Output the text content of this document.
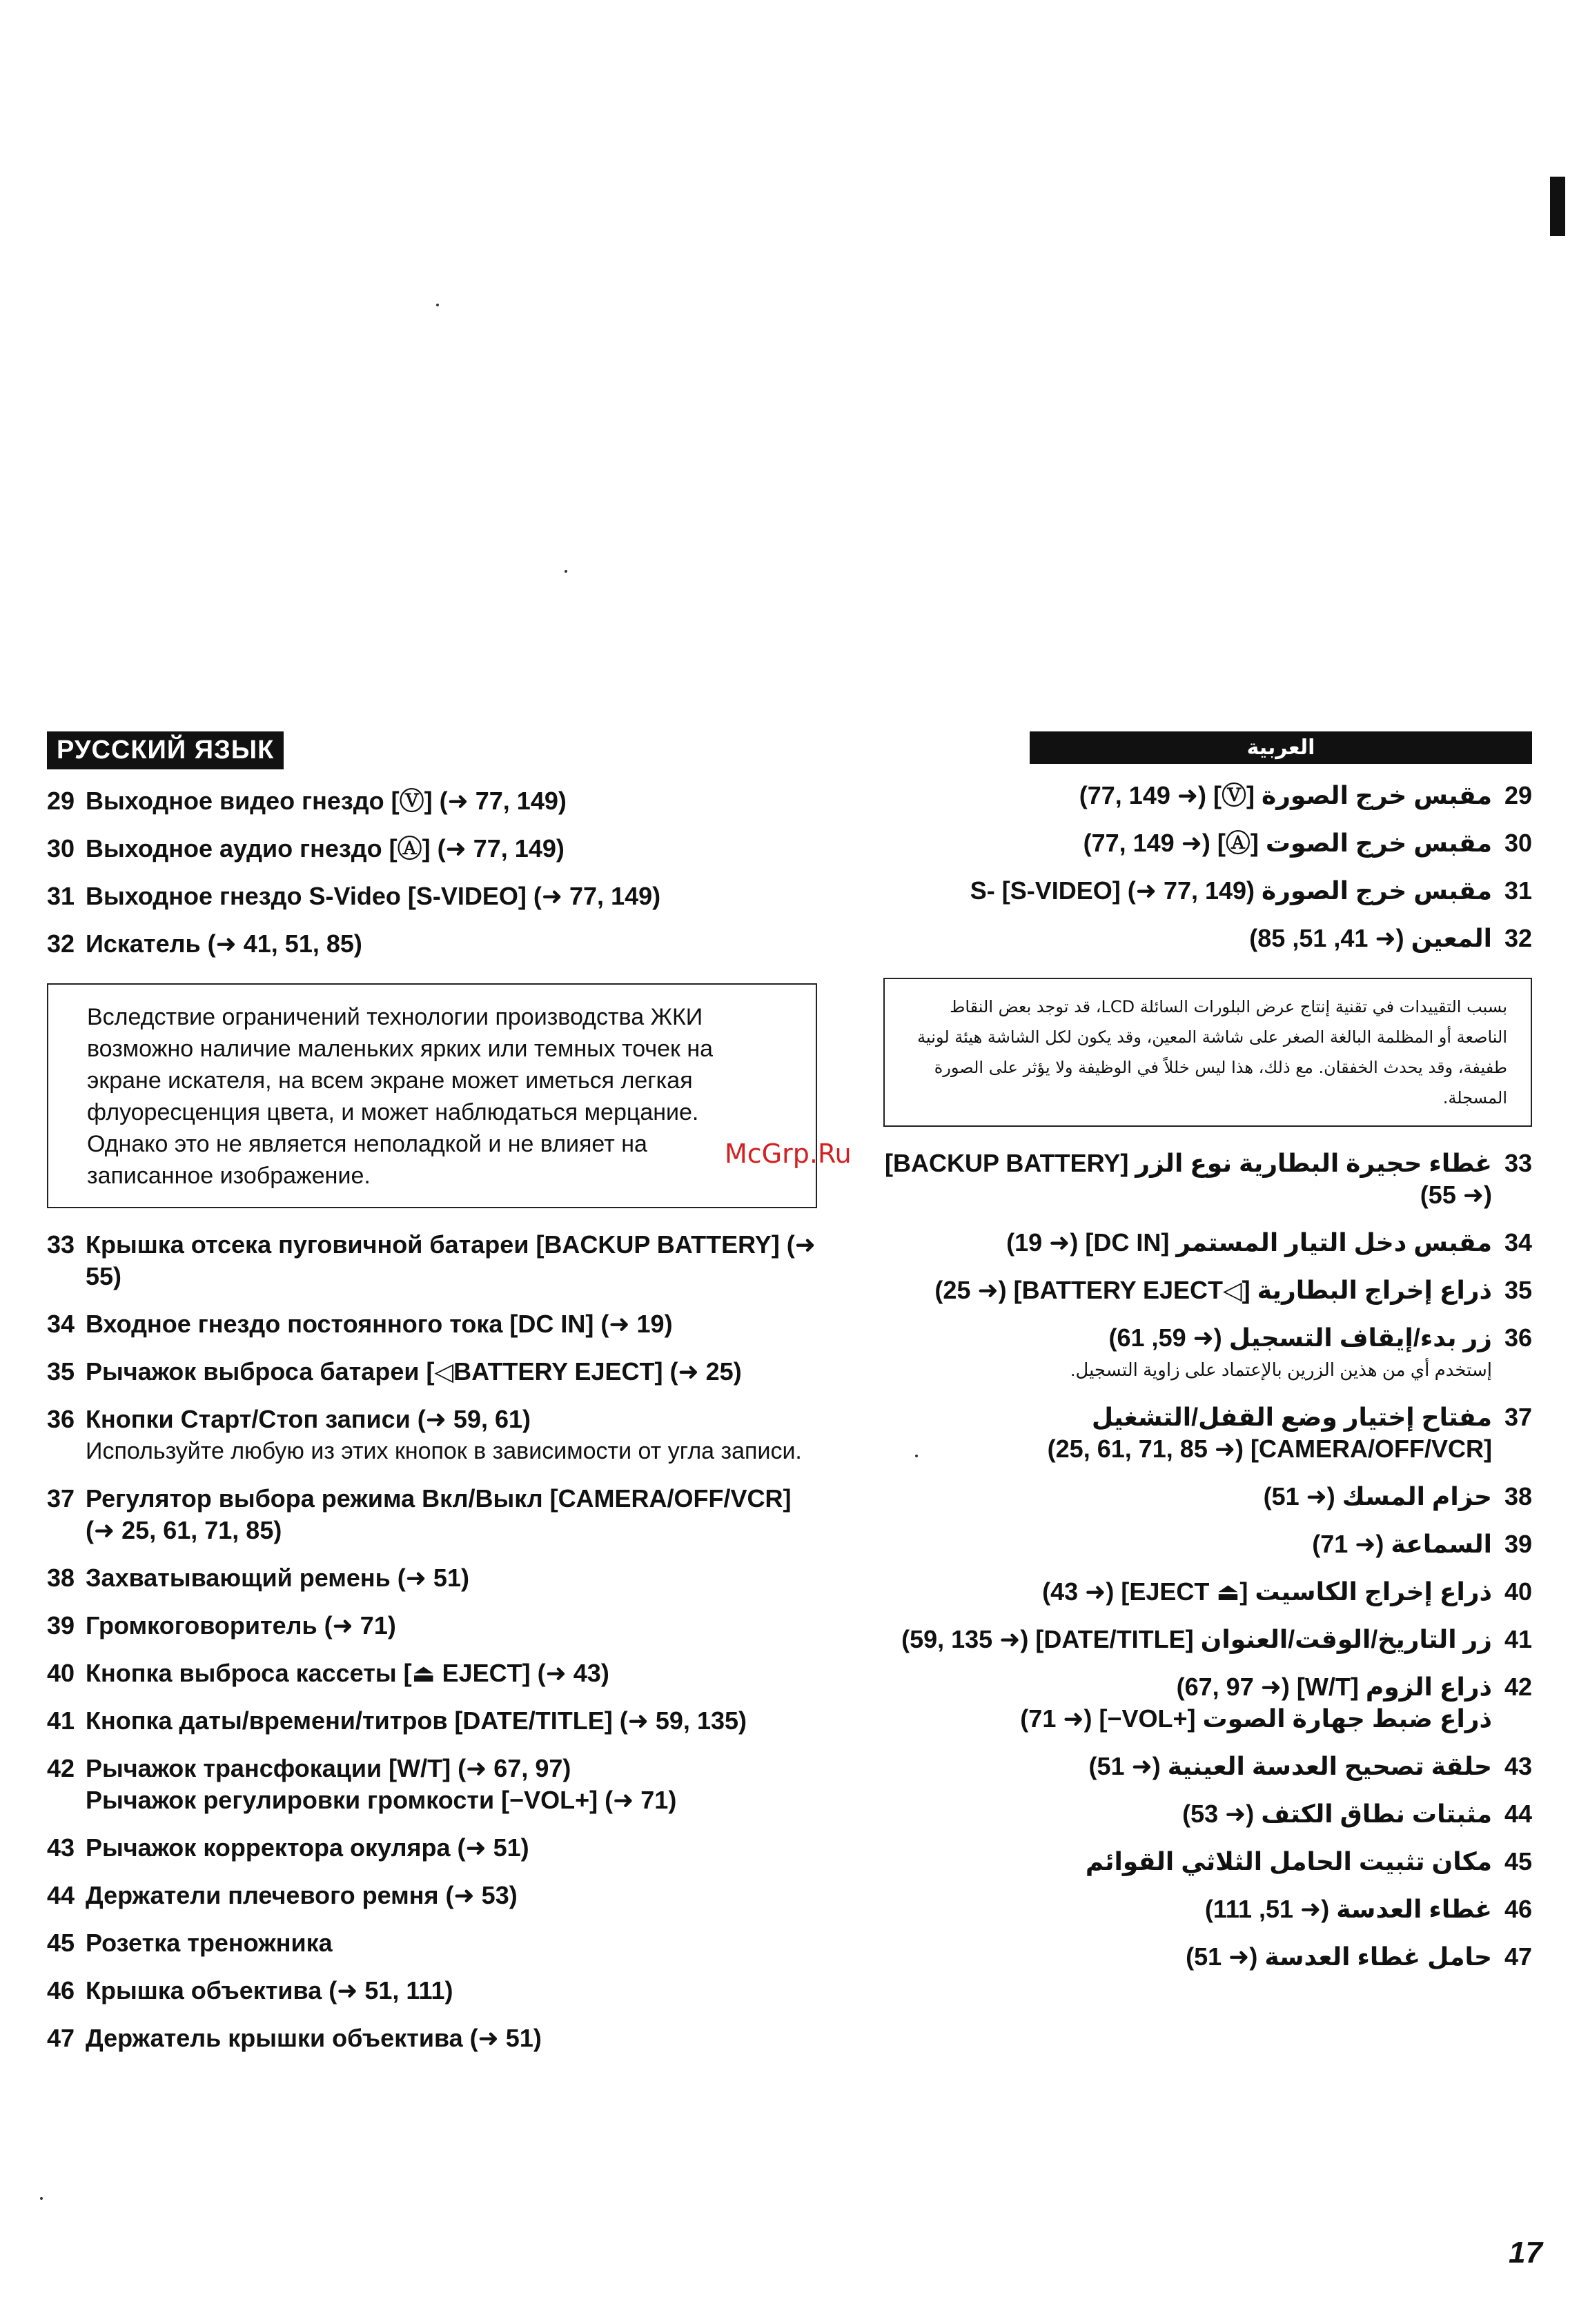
РУССКИЙ ЯЗЫК
29 Выходное видео гнездо [Ⓥ] (➜ 77, 149)
30 Выходное аудио гнездо [Ⓐ] (➜ 77, 149)
31 Выходное гнездо S-Video [S-VIDEO] (➜ 77, 149)
32 Искатель (➜ 41, 51, 85)
Вследствие ограничений технологии производства ЖКИ возможно наличие маленьких ярких или темных точек на экране искателя, на всем экране может иметься легкая флуоресценция цвета, и может наблюдаться мерцание. Однако это не является неполадкой и не влияет на записанное изображение.
33 Крышка отсека пуговичной батареи [BACKUP BATTERY] (➜ 55)
34 Входное гнездо постоянного тока [DC IN] (➜ 19)
35 Рычажок выброса батареи [◁BATTERY EJECT] (➜ 25)
36 Кнопки Старт/Стоп записи (➜ 59, 61)
Используйте любую из этих кнопок в зависимости от угла записи.
37 Регулятор выбора режима Вкл/Выкл [CAMERA/OFF/VCR] (➜ 25, 61, 71, 85)
38 Захватывающий ремень (➜ 51)
39 Громкоговоритель (➜ 71)
40 Кнопка выброса кассеты [⏏ EJECT] (➜ 43)
41 Кнопка даты/времени/титров [DATE/TITLE] (➜ 59, 135)
42 Рычажок трансфокации [W/T] (➜ 67, 97)
Рычажок регулировки громкости [−VOL+] (➜ 71)
43 Рычажок корректора окуляра (➜ 51)
44 Держатели плечевого ремня (➜ 53)
45 Розетка треножника
46 Крышка объектива (➜ 51, 111)
47 Держатель крышки объектива (➜ 51)
العربية
29
مقبس خرج الصورة [Ⓥ] (➜ 77, 149)
30
مقبس خرج الصوت [Ⓐ] (➜ 77, 149)
31
مقبس خرج الصورة S- [S-VIDEO] (➜ 77, 149)
32
المعين (➜ 41, 51, 85)
بسبب التقييدات في تقنية إنتاج عرض البلورات السائلة LCD، قد توجد بعض النقاط الناصعة أو المظلمة البالغة الصغر على شاشة المعين، وقد يكون لكل الشاشة هيئة لونية طفيفة، وقد يحدث الخفقان. مع ذلك، هذا ليس خللاً في الوظيفة ولا يؤثر على الصورة المسجلة.
33
غطاء حجيرة البطارية نوع الزر [BACKUP BATTERY] (➜ 55)
34
مقبس دخل التيار المستمر [DC IN] (➜ 19)
35
ذراع إخراج البطارية [◁BATTERY EJECT] (➜ 25)
36
زر بدء/إيقاف التسجيل (➜ 59, 61)
إستخدم أي من هذين الزرين بالإعتماد على زاوية التسجيل.
37
مفتاح إختيار وضع القفل/التشغيل [CAMERA/OFF/VCR] (➜ 25, 61, 71, 85)
38
حزام المسك (➜ 51)
39
السماعة (➜ 71)
40
ذراع إخراج الكاسيت [⏏ EJECT] (➜ 43)
41
زر التاريخ/الوقت/العنوان [DATE/TITLE] (➜ 59, 135)
42
ذراع الزوم [W/T] (➜ 67, 97)
ذراع ضبط جهارة الصوت [+VOL−] (➜ 71)
43
حلقة تصحيح العدسة العينية (➜ 51)
44
مثبتات نطاق الكتف (➜ 53)
45
مكان تثبيت الحامل الثلاثي القوائم
46
غطاء العدسة (➜ 51, 111)
47
حامل غطاء العدسة (➜ 51)
McGrp.Ru
17
